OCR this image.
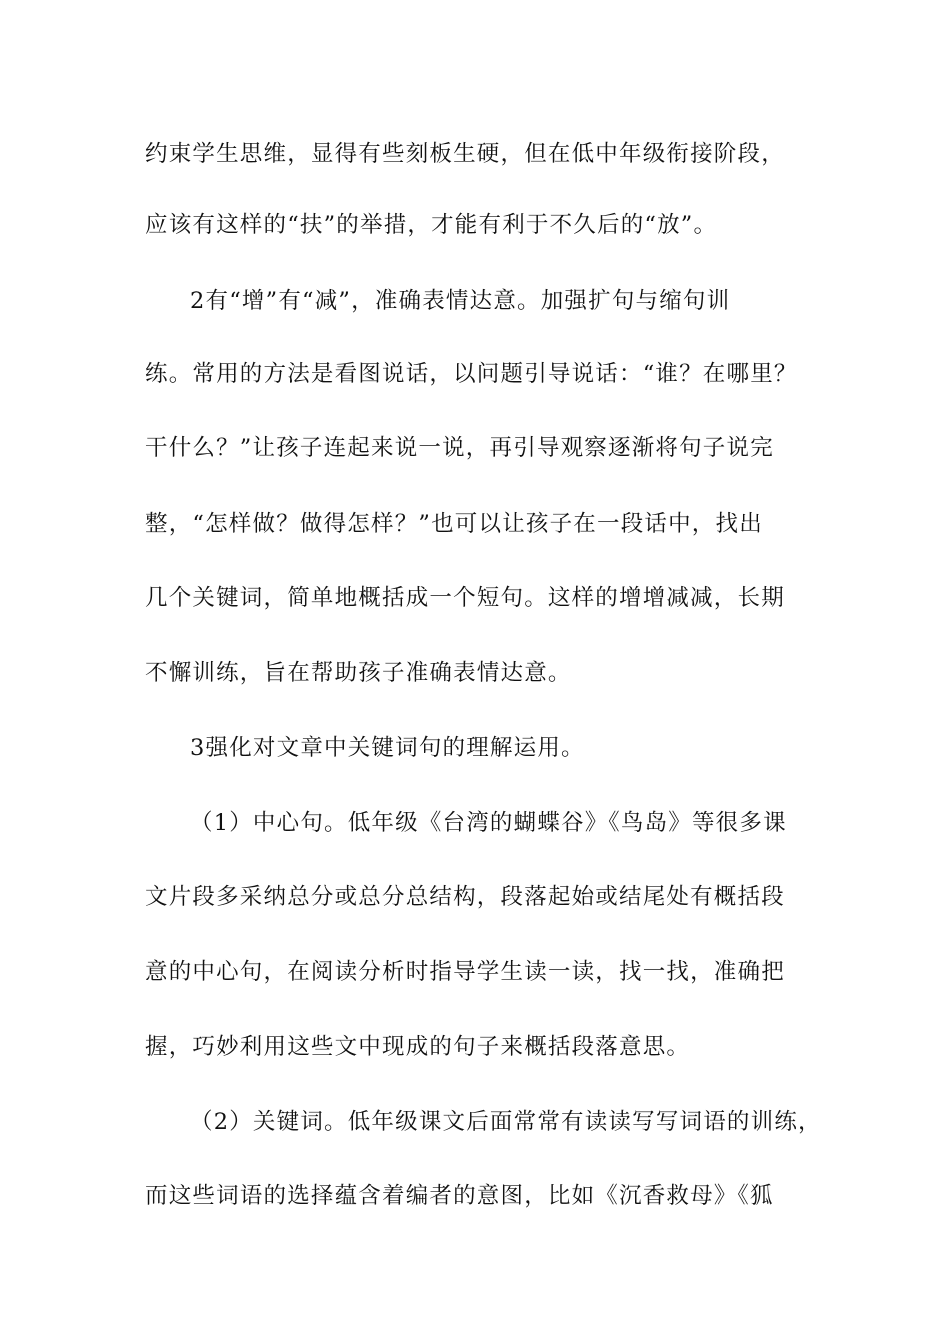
约束学生思维，显得有些刻板生硬，但在低中年级衔接阶段，
应该有这样的“扶”的举措，才能有利于不久后的“放”。
2有“增”有“减”，准确表情达意。加强扩句与缩句训
练。常用的方法是看图说话，以问题引导说话：“谁？在哪里？
干什么？”让孩子连起来说一说，再引导观察逐渐将句子说完
整，“怎样做？做得怎样？”也可以让孩子在一段话中，找出
几个关键词，简单地概括成一个短句。这样的增增减减，长期
不懈训练，旨在帮助孩子准确表情达意。
3强化对文章中关键词句的理解运用。
（1）中心句。低年级《台湾的蝴蝶谷》《鸟岛》等很多课
文片段多采纳总分或总分总结构，段落起始或结尾处有概括段
意的中心句，在阅读分析时指导学生读一读，找一找，准确把
握，巧妙利用这些文中现成的句子来概括段落意思。
（2）关键词。低年级课文后面常常有读读写写词语的训练，
而这些词语的选择蕴含着编者的意图，比如《沉香救母》《狐
